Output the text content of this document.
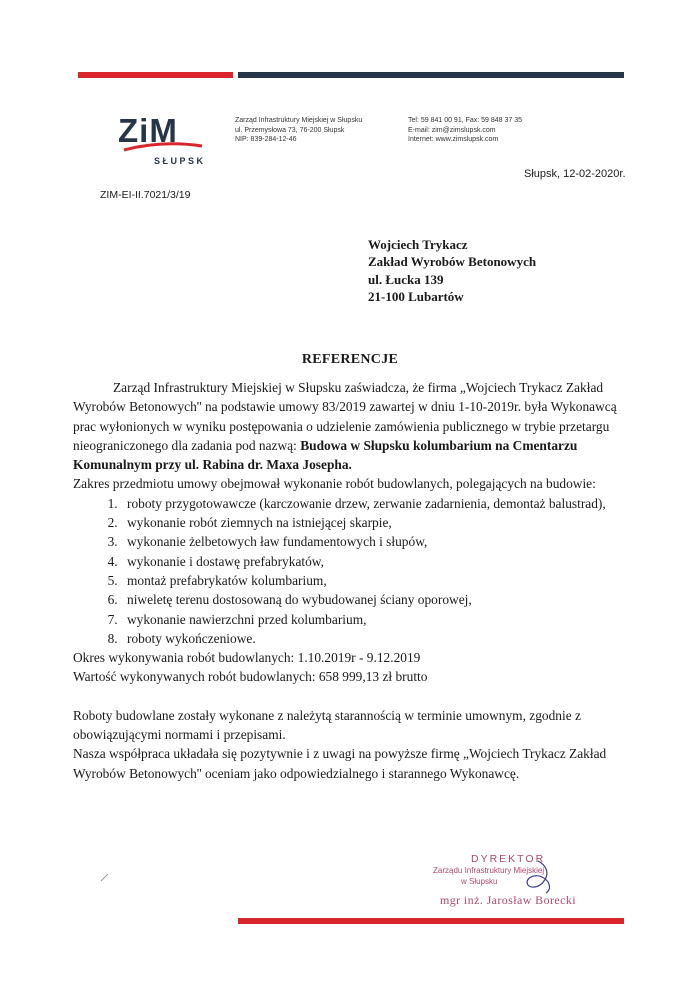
ZiM
SŁUPSK
Zarząd Infrastruktury Miejskiej w Słupsku
ul. Przemysłowa 73, 76-200 Słupsk
NIP: 839-284-12-46
Tel: 59 841 00 91, Fax: 59 848 37 35
E-mail: zim@zimslupsk.com
Internet: www.zimslupsk.com
Słupsk, 12-02-2020r.
ZIM-EI-II.7021/3/19
Wojciech Trykacz
Zakład Wyrobów Betonowych
ul. Łucka 139
21-100 Lubartów
REFERENCJE

Zarząd Infrastruktury Miejskiej w Słupsku zaświadcza, że firma „Wojciech Trykacz Zakład Wyrobów Betonowych'' na podstawie umowy 83/2019 zawartej w dniu 1-10-2019r. była Wykonawcą prac wyłonionych w wyniku postępowania o udzielenie zamówienia publicznego w trybie przetargu nieograniczonego dla zadania pod nazwą: Budowa w Słupsku kolumbarium na Cmentarzu Komunalnym przy ul. Rabina dr. Maxa Josepha.

Zakres przedmiotu umowy obejmował wykonanie robót budowlanych, polegających na budowie:

1. roboty przygotowawcze (karczowanie drzew, zerwanie zadarnienia, demontaż balustrad),
2. wykonanie robót ziemnych na istniejącej skarpie,
3. wykonanie żelbetowych ław fundamentowych i słupów,
4. wykonanie i dostawę prefabrykatów,
5. montaż prefabrykatów kolumbarium,
6. niweletę terenu dostosowaną do wybudowanej ściany oporowej,
7. wykonanie nawierzchni przed kolumbarium,
8. roboty wykończeniowe.

Okres wykonywania robót budowlanych: 1.10.2019r - 9.12.2019

Wartość wykonywanych robót budowlanych: 658 999,13 zł brutto

Roboty budowlane zostały wykonane z należytą starannością w terminie umownym, zgodnie z obowiązującymi normami i przepisami.

Nasza współpraca układała się pozytywnie i z uwagi na powyższe firmę „Wojciech Trykacz Zakład Wyrobów Betonowych'' oceniam jako odpowiedzialnego i starannego Wykonawcę.

DYREKTOR
Zarządu Infrastruktury Miejskiej
w Słupsku
mgr inż. Jarosław Borecki
